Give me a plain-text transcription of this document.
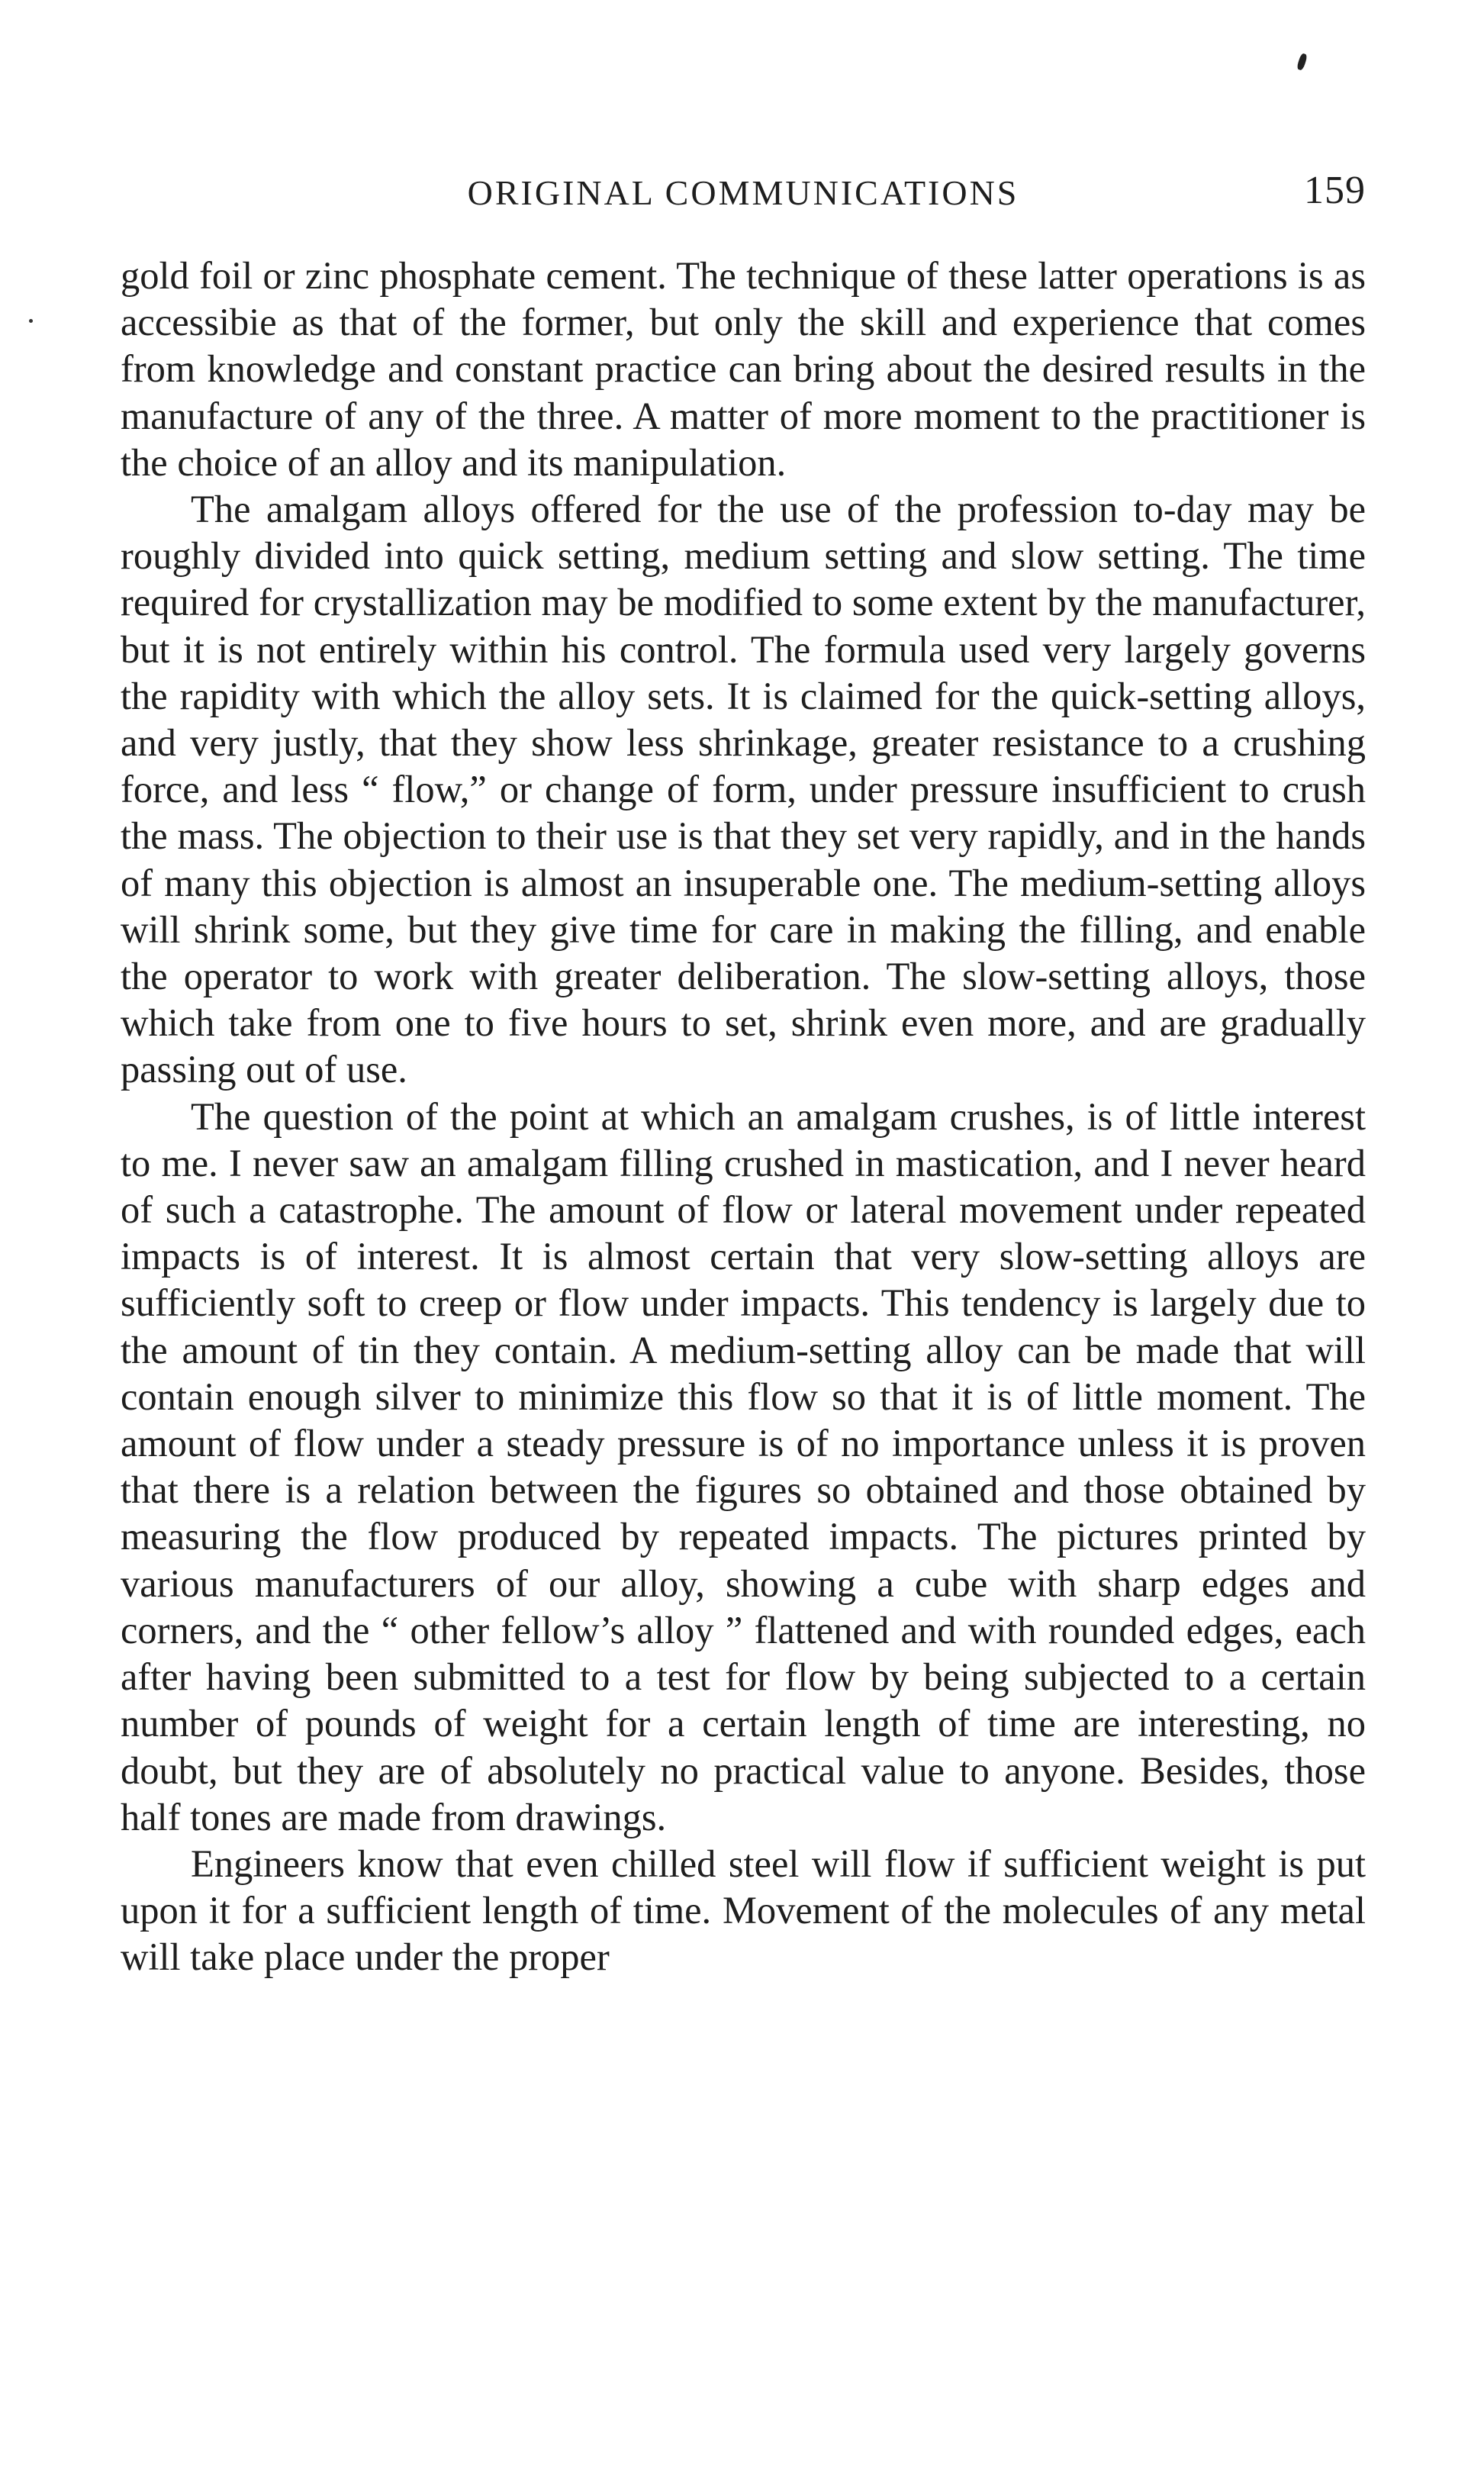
ORIGINAL COMMUNICATIONS	159

gold foil or zinc phosphate cement. The technique of these latter operations is as accessibie as that of the former, but only the skill and experience that comes from knowledge and constant practice can bring about the desired results in the manufacture of any of the three. A matter of more moment to the practitioner is the choice of an alloy and its manipulation.

The amalgam alloys offered for the use of the profession to-day may be roughly divided into quick setting, medium setting and slow setting. The time required for crystallization may be modified to some extent by the manufacturer, but it is not entirely within his control. The formula used very largely governs the rapidity with which the alloy sets. It is claimed for the quick-setting alloys, and very justly, that they show less shrinkage, greater resistance to a crushing force, and less “ flow,” or change of form, under pressure insufficient to crush the mass. The objection to their use is that they set very rapidly, and in the hands of many this objection is almost an insuperable one. The medium-setting alloys will shrink some, but they give time for care in making the filling, and enable the operator to work with greater deliberation. The slow-setting alloys, those which take from one to five hours to set, shrink even more, and are gradually passing out of use.

The question of the point at which an amalgam crushes, is of little interest to me. I never saw an amalgam filling crushed in mastication, and I never heard of such a catastrophe. The amount of flow or lateral movement under repeated impacts is of interest. It is almost certain that very slow-setting alloys are sufficiently soft to creep or flow under impacts. This tendency is largely due to the amount of tin they contain. A medium-setting alloy can be made that will contain enough silver to minimize this flow so that it is of little moment. The amount of flow under a steady pressure is of no importance unless it is proven that there is a relation between the figures so obtained and those obtained by measuring the flow produced by repeated impacts. The pictures printed by various manufacturers of our alloy, showing a cube with sharp edges and corners, and the “ other fellow’s alloy ” flattened and with rounded edges, each after having been submitted to a test for flow by being subjected to a certain number of pounds of weight for a certain length of time are interesting, no doubt, but they are of absolutely no practical value to anyone. Besides, those half tones are made from drawings.

Engineers know that even chilled steel will flow if sufficient weight is put upon it for a sufficient length of time. Movement of the molecules of any metal will take place under the proper
